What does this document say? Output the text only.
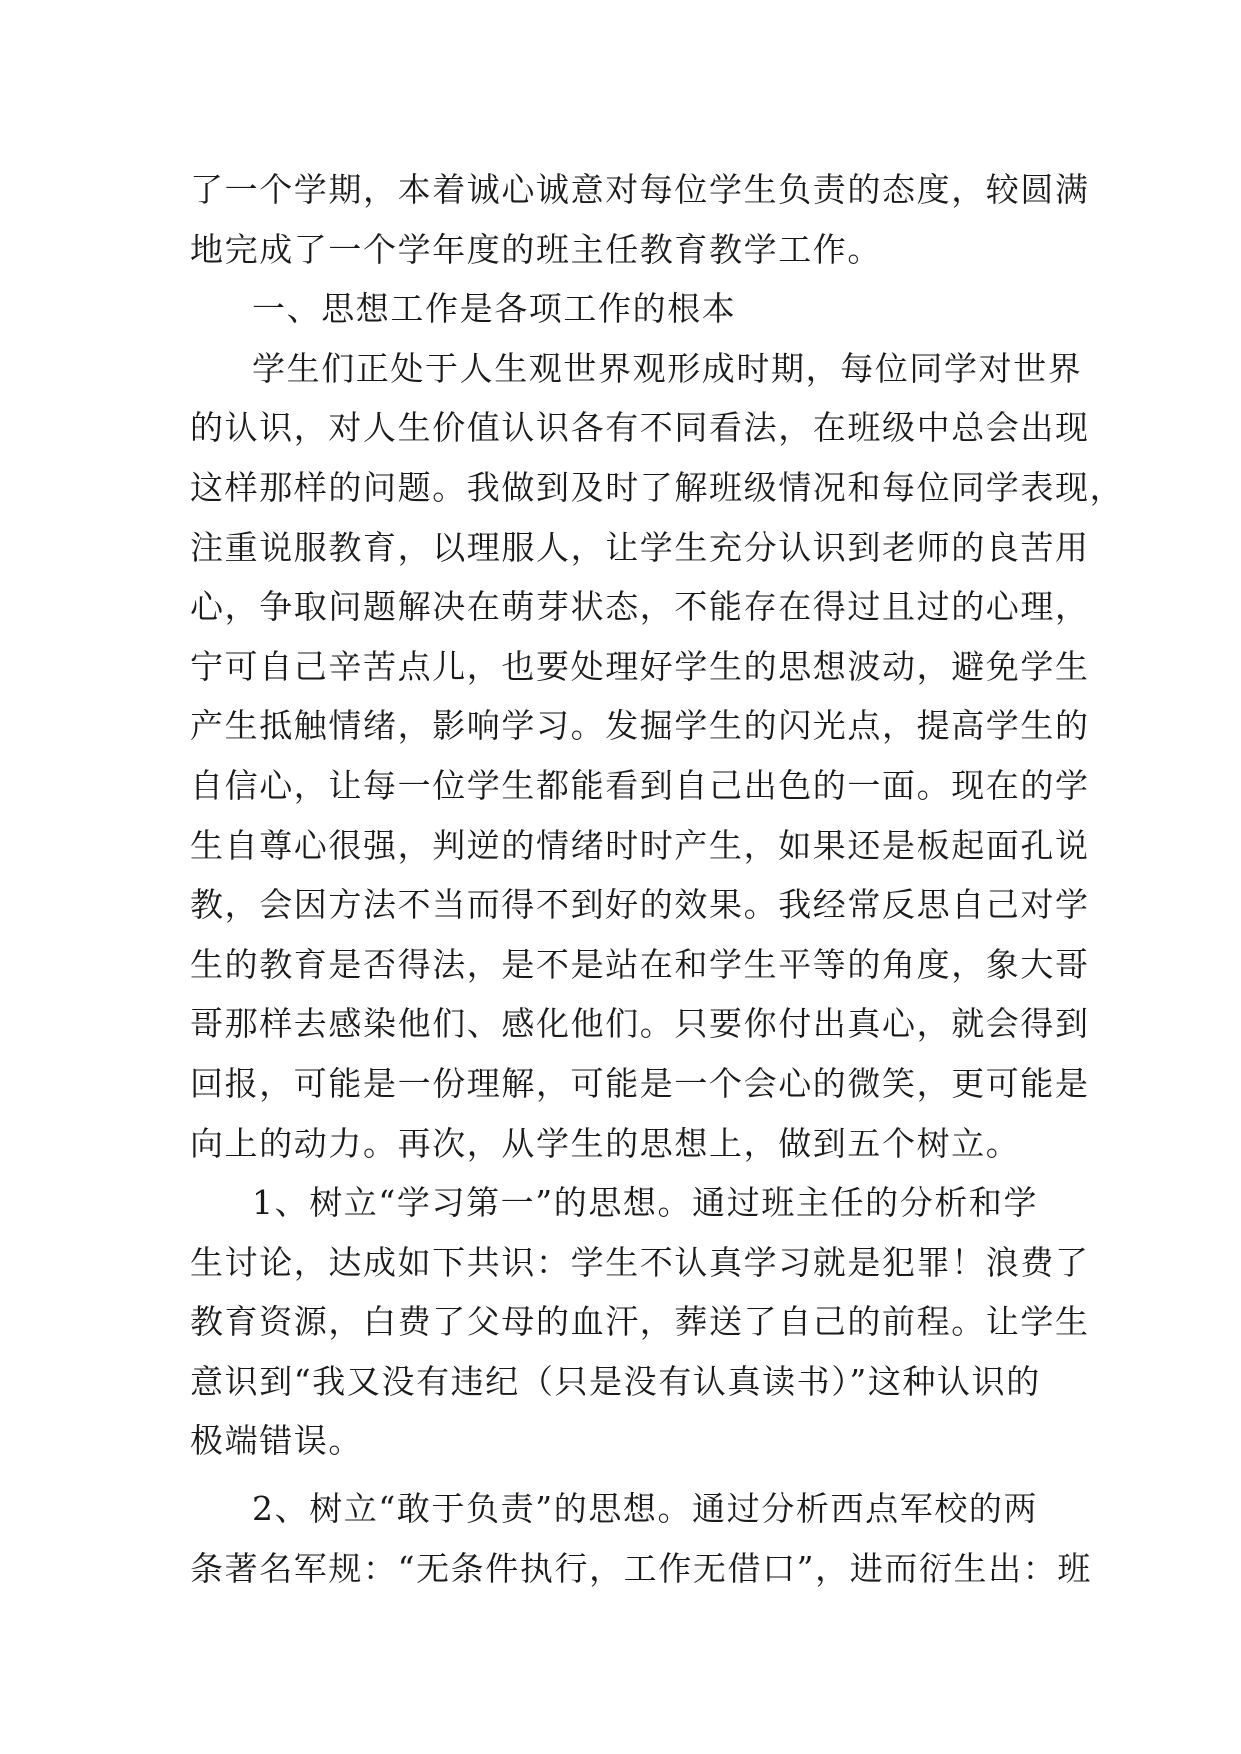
了一个学期，本着诚心诚意对每位学生负责的态度，较圆满
地完成了一个学年度的班主任教育教学工作。
一、思想工作是各项工作的根本
学生们正处于人生观世界观形成时期，每位同学对世界
的认识，对人生价值认识各有不同看法，在班级中总会出现
这样那样的问题。我做到及时了解班级情况和每位同学表现，
注重说服教育，以理服人，让学生充分认识到老师的良苦用
心，争取问题解决在萌芽状态，不能存在得过且过的心理，
宁可自己辛苦点儿，也要处理好学生的思想波动，避免学生
产生抵触情绪，影响学习。发掘学生的闪光点，提高学生的
自信心，让每一位学生都能看到自己出色的一面。现在的学
生自尊心很强，判逆的情绪时时产生，如果还是板起面孔说
教，会因方法不当而得不到好的效果。我经常反思自己对学
生的教育是否得法，是不是站在和学生平等的角度，象大哥
哥那样去感染他们、感化他们。只要你付出真心，就会得到
回报，可能是一份理解，可能是一个会心的微笑，更可能是
向上的动力。再次，从学生的思想上，做到五个树立。
1、树立“学习第一”的思想。通过班主任的分析和学
生讨论，达成如下共识：学生不认真学习就是犯罪！浪费了
教育资源，白费了父母的血汗，葬送了自己的前程。让学生
意识到“我又没有违纪（只是没有认真读书）”这种认识的
极端错误。
2、树立“敢于负责”的思想。通过分析西点军校的两
条著名军规：“无条件执行，工作无借口”，进而衍生出：班
